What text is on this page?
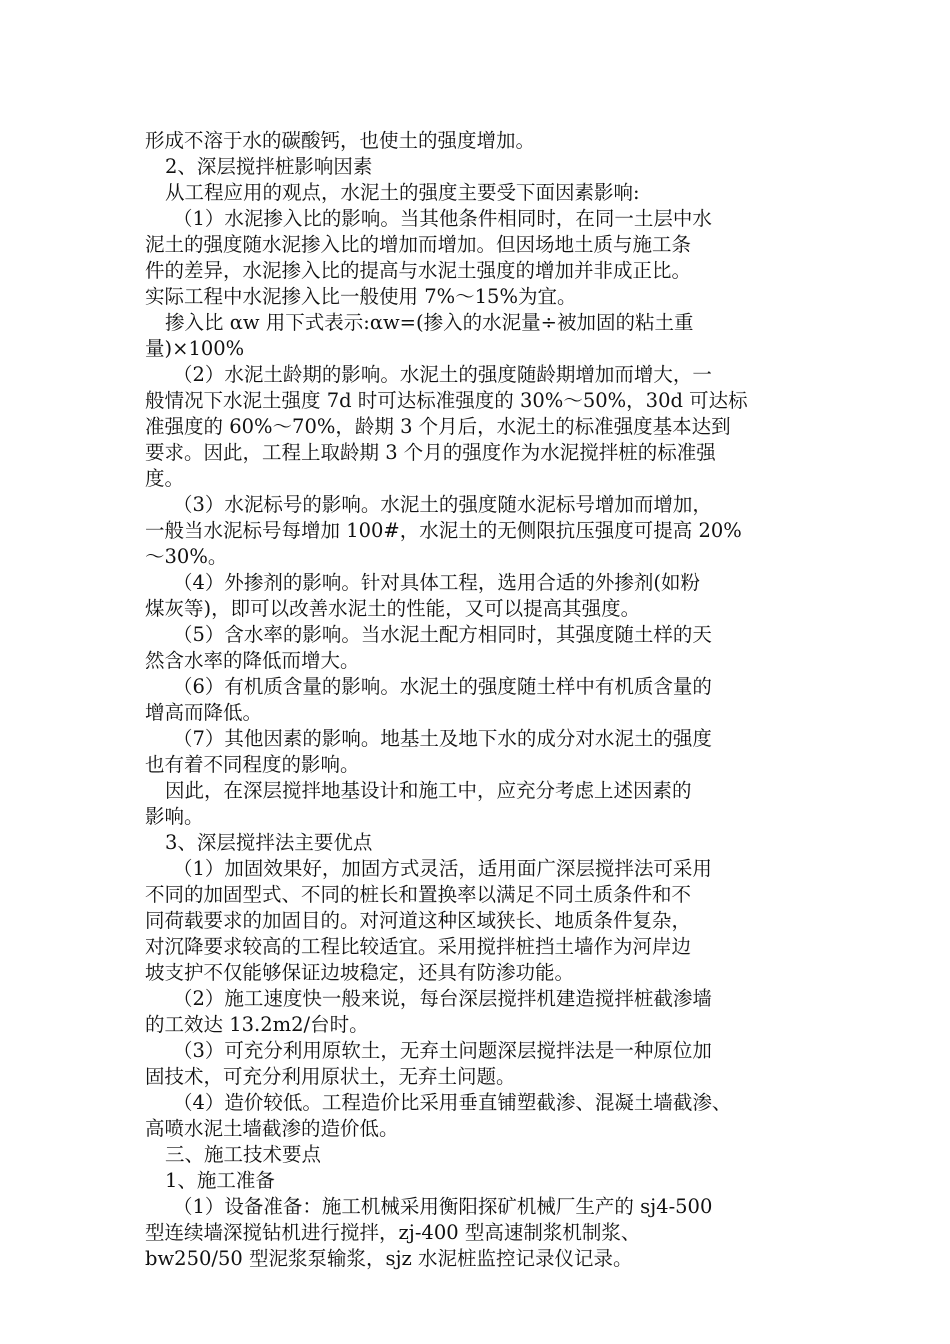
形成不溶于水的碳酸钙，也使土的强度增加。
2、深层搅拌桩影响因素
从工程应用的观点，水泥土的强度主要受下面因素影响:
（1）水泥掺入比的影响。当其他条件相同时，在同一土层中水
泥土的强度随水泥掺入比的增加而增加。但因场地土质与施工条
件的差异，水泥掺入比的提高与水泥土强度的增加并非成正比。
实际工程中水泥掺入比一般使用 7%～15%为宜。
掺入比 αw 用下式表示:αw=(掺入的水泥量÷被加固的粘土重
量)×100%
（2）水泥土龄期的影响。水泥土的强度随龄期增加而增大，一
般情况下水泥土强度 7d 时可达标准强度的 30%～50%，30d 可达标
准强度的 60%～70%，龄期 3 个月后，水泥土的标准强度基本达到
要求。因此，工程上取龄期 3 个月的强度作为水泥搅拌桩的标准强
度。
（3）水泥标号的影响。水泥土的强度随水泥标号增加而增加，
一般当水泥标号每增加 100#，水泥土的无侧限抗压强度可提高 20%
～30%。
（4）外掺剂的影响。针对具体工程，选用合适的外掺剂(如粉
煤灰等)，即可以改善水泥土的性能，又可以提高其强度。
（5）含水率的影响。当水泥土配方相同时，其强度随土样的天
然含水率的降低而增大。
（6）有机质含量的影响。水泥土的强度随土样中有机质含量的
增高而降低。
（7）其他因素的影响。地基土及地下水的成分对水泥土的强度
也有着不同程度的影响。
因此，在深层搅拌地基设计和施工中，应充分考虑上述因素的
影响。
3、深层搅拌法主要优点
（1）加固效果好，加固方式灵活，适用面广深层搅拌法可采用
不同的加固型式、不同的桩长和置换率以满足不同土质条件和不
同荷载要求的加固目的。对河道这种区域狭长、地质条件复杂，
对沉降要求较高的工程比较适宜。采用搅拌桩挡土墙作为河岸边
坡支护不仅能够保证边坡稳定，还具有防渗功能。
（2）施工速度快一般来说，每台深层搅拌机建造搅拌桩截渗墙
的工效达 13.2m2/台时。
（3）可充分利用原软土，无弃土问题深层搅拌法是一种原位加
固技术，可充分利用原状土，无弃土问题。
（4）造价较低。工程造价比采用垂直铺塑截渗、混凝土墙截渗、
高喷水泥土墙截渗的造价低。
三、施工技术要点
1、施工准备
（1）设备准备：施工机械采用衡阳探矿机械厂生产的 sj4-500
型连续墙深搅钻机进行搅拌，zj-400 型高速制浆机制浆、
bw250/50 型泥浆泵输浆，sjz 水泥桩监控记录仪记录。
